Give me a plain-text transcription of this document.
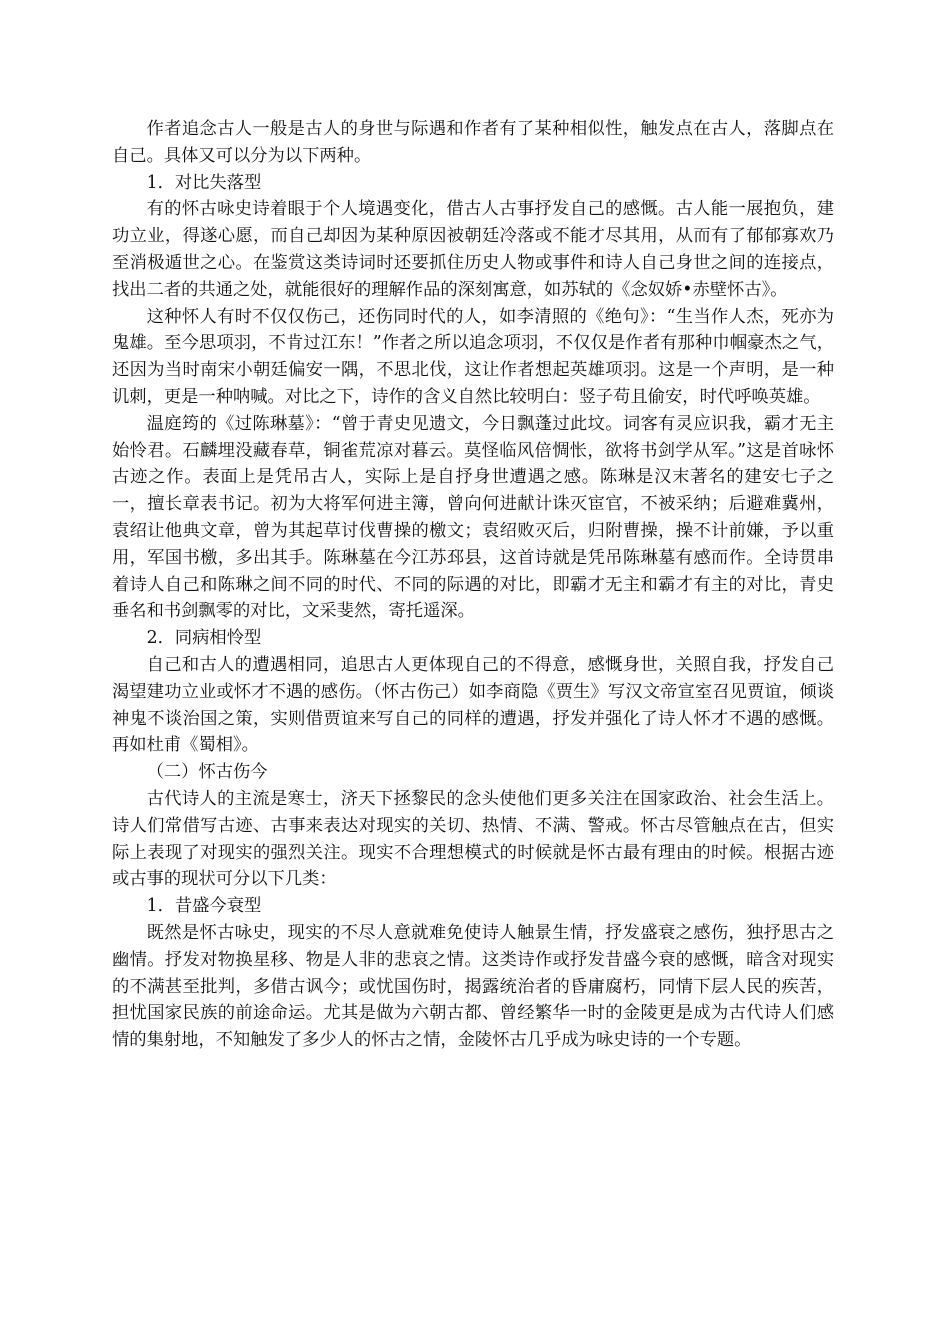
作者追念古人一般是古人的身世与际遇和作者有了某种相似性，触发点在古人，落脚点在自己。具体又可以分为以下两种。

1．对比失落型

有的怀古咏史诗着眼于个人境遇变化，借古人古事抒发自己的感慨。古人能一展抱负，建功立业，得遂心愿，而自己却因为某种原因被朝廷冷落或不能才尽其用，从而有了郁郁寡欢乃至消极遁世之心。在鉴赏这类诗词时还要抓住历史人物或事件和诗人自己身世之间的连接点，找出二者的共通之处，就能很好的理解作品的深刻寓意，如苏轼的《念奴娇•赤壁怀古》。

这种怀人有时不仅仅伤己，还伤同时代的人，如李清照的《绝句》：“生当作人杰，死亦为鬼雄。至今思项羽，不肯过江东！”作者之所以追念项羽，不仅仅是作者有那种巾帼豪杰之气，还因为当时南宋小朝廷偏安一隅，不思北伐，这让作者想起英雄项羽。这是一个声明，是一种讥刺，更是一种呐喊。对比之下，诗作的含义自然比较明白：竖子苟且偷安，时代呼唤英雄。

温庭筠的《过陈琳墓》：“曾于青史见遗文，今日飘蓬过此坟。词客有灵应识我，霸才无主始怜君。石麟埋没藏春草，铜雀荒凉对暮云。莫怪临风倍惆怅，欲将书剑学从军。”这是首咏怀古迹之作。表面上是凭吊古人，实际上是自抒身世遭遇之感。陈琳是汉末著名的建安七子之一，擅长章表书记。初为大将军何进主簿，曾向何进献计诛灭宦官，不被采纳；后避难冀州，袁绍让他典文章，曾为其起草讨伐曹操的檄文；袁绍败灭后，归附曹操，操不计前嫌，予以重用，军国书檄，多出其手。陈琳墓在今江苏邳县，这首诗就是凭吊陈琳墓有感而作。全诗贯串着诗人自己和陈琳之间不同的时代、不同的际遇的对比，即霸才无主和霸才有主的对比，青史垂名和书剑飘零的对比，文采斐然，寄托遥深。

2．同病相怜型

自己和古人的遭遇相同，追思古人更体现自己的不得意，感慨身世，关照自我，抒发自己渴望建功立业或怀才不遇的感伤。（怀古伤己）如李商隐《贾生》写汉文帝宣室召见贾谊，倾谈神鬼不谈治国之策，实则借贾谊来写自己的同样的遭遇，抒发并强化了诗人怀才不遇的感慨。再如杜甫《蜀相》。

（二）怀古伤今

古代诗人的主流是寒士，济天下拯黎民的念头使他们更多关注在国家政治、社会生活上。诗人们常借写古迹、古事来表达对现实的关切、热情、不满、警戒。怀古尽管触点在古，但实际上表现了对现实的强烈关注。现实不合理想模式的时候就是怀古最有理由的时候。根据古迹或古事的现状可分以下几类：

1．昔盛今衰型

既然是怀古咏史，现实的不尽人意就难免使诗人触景生情，抒发盛衰之感伤，独抒思古之幽情。抒发对物换星移、物是人非的悲哀之情。这类诗作或抒发昔盛今衰的感慨，暗含对现实的不满甚至批判，多借古讽今；或忧国伤时，揭露统治者的昏庸腐朽，同情下层人民的疾苦，担忧国家民族的前途命运。尤其是做为六朝古都、曾经繁华一时的金陵更是成为古代诗人们感情的集射地，不知触发了多少人的怀古之情，金陵怀古几乎成为咏史诗的一个专题。
